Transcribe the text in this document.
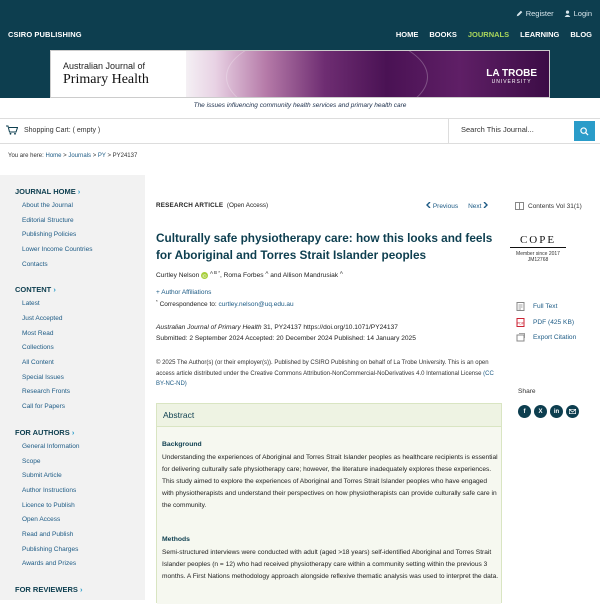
Register	Login
CSIRO PUBLISHING	HOME BOOKS JOURNALS LEARNING BLOG
Australian Journal of
Primary Health	LA TROBE
UNIVERSITY
The issues influencing community health services and primary health care
Shopping Cart: ( empty )	Search This Journal...
You are here: Home > Journals > PY > PY24137
JOURNAL HOME ›
About the Journal
Editorial Structure
Publishing Policies
Lower Income Countries
Contacts
CONTENT ›
Latest
Just Accepted
Most Read
Collections
All Content
Special Issues
Research Fronts
Call for Papers
FOR AUTHORS ›
General Information
Scope
Submit Article
Author Instructions
Licence to Publish
Open Access
Read and Publish
Publishing Charges
Awards and Prizes
FOR REVIEWERS ›
RESEARCH ARTICLE (Open Access)	Previous Next	Contents Vol 31(1)
Culturally safe physiotherapy care: how this looks and feels for Aboriginal and Torres Strait Islander peoples
COPE
Member since 2017
JM12768
Curtley Nelson iD
$^{A B *}$, Roma Forbes $^A$ and Allison Mandrusiak $^A$
+ Author Affiliations
* Correspondence to: curtley.nelson@uq.edu.au
Australian Journal of Primary Health 31, PY24137 https://doi.org/10.1071/PY24137
Submitted: 2 September 2024 Accepted: 20 December 2024 Published: 14 January 2025
© 2025 The Author(s) (or their employer(s)). Published by CSIRO Publishing on behalf of La Trobe University. This is an open access article distributed under the Creative Commons Attribution-NonCommercial-NoDerivatives 4.0 International License (CC BY-NC-ND)
Abstract
Background
Understanding the experiences of Aboriginal and Torres Strait Islander peoples as healthcare recipients is essential for delivering culturally safe physiotherapy care; however, the literature inadequately explores these experiences. This study aimed to explore the experiences of Aboriginal and Torres Strait Islander peoples who have engaged with physiotherapists and understand their perspectives on how physiotherapists can provide culturally safe care in the community.
Methods
Semi-structured interviews were conducted with adult (aged >18 years) self-identified Aboriginal and Torres Strait Islander peoples (n = 12) who had received physiotherapy care within a community setting within the previous 3 months. A First Nations methodology approach alongside reflexive thematic analysis was used to interpret the data.
Full Text
PDF PDF (425 KB)
Export Citation
Share
f	X	in
